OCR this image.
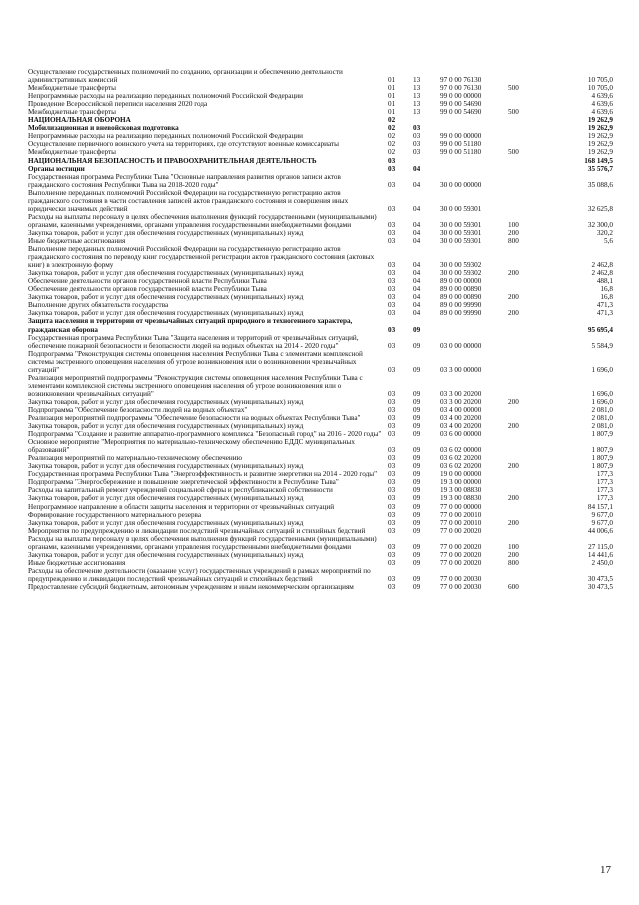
Осуществление государственных полномочий по созданию, организации и обеспечению деятельности административных комиссий	01 13	97 0 00 76130	10 705,0
Межбюджетные трансферты	01 13	97 0 00 76130	500	10 705,0
Непрограммные расходы на реализацию переданных полномочий Российской Федерации	01 13	99 0 00 00000	4 639,6
Проведение Всероссийской переписи населения 2020 года	01 13	99 0 00 54690	4 639,6
Межбюджетные трансферты	01 13	99 0 00 54690	500	4 639,6
НАЦИОНАЛЬНАЯ ОБОРОНА	02	19 262,9
Мобилизационная и вневойсковая подготовка	02 03	19 262,9
Непрограммные расходы на реализацию переданных полномочий Российской Федерации	02 03	99 0 00 00000	19 262,9
Осуществление первичного воинского учета на территориях, где отсутствуют военные комиссариаты	02 03	99 0 00 51180	19 262,9
Межбюджетные трансферты	02 03	99 0 00 51180	500	19 262,9
НАЦИОНАЛЬНАЯ БЕЗОПАСНОСТЬ И ПРАВООХРАНИТЕЛЬНАЯ ДЕЯТЕЛЬНОСТЬ	03	168 149,5
Органы юстиции	03 04	35 576,7
Государственная программа Республики Тыва "Основные направления развития органов записи актов гражданского состояния Республики Тыва на 2018-2020 годы"	03 04	30 0 00 00000	35 088,6
Выполнение переданных полномочий Российской Федерации на государственную регистрацию актов гражданского состояния в части составления записей актов гражданского состояния и совершения иных юридически значимых действий	03 04	30 0 00 59301	32 625,8
Расходы на выплаты персоналу в целях обеспечения выполнения функций государственными (муниципальными) органами, казенными учреждениями, органами управления государственными внебюджетными фондами	03 04	30 0 00 59301	100	32 300,0
Закупка товаров, работ и услуг для обеспечения государственных (муниципальных) нужд	03 04	30 0 00 59301	200	320,2
Иные бюджетные ассигнования	03 04	30 0 00 59301	800	5,6
Выполнение переданных полномочий Российской Федерации на государственную регистрацию актов гражданского состояния по переводу книг государственной регистрации актов гражданского состояния (актовых книг) в электронную форму	03 04	30 0 00 59302	2 462,8
Закупка товаров, работ и услуг для обеспечения государственных (муниципальных) нужд	03 04	30 0 00 59302	200	2 462,8
Обеспечение деятельности органов государственной власти Республики Тыва	03 04	89 0 00 00000	488,1
Обеспечение деятельности органов государственной власти Республики Тыва	03 04	89 0 00 00890	16,8
Закупка товаров, работ и услуг для обеспечения государственных (муниципальных) нужд	03 04	89 0 00 00890	200	16,8
Выполнение других обязательств государства	03 04	89 0 00 99990	471,3
Закупка товаров, работ и услуг для обеспечения государственных (муниципальных) нужд	03 04	89 0 00 99990	200	471,3
Защита населения и территории от чрезвычайных ситуаций природного и техногенного характера, гражданская оборона	03 09	95 695,4
Государственная программа Республики Тыва "Защита населения и территорий от чрезвычайных ситуаций, обеспечение пожарной безопасности и безопасности людей на водных объектах на 2014 - 2020 годы"	03 09	03 0 00 00000	5 584,9
Подпрограмма "Реконструкция системы оповещения населения Республики Тыва с элементами комплексной системы экстренного оповещения населения об угрозе возникновения или о возникновении чрезвычайных ситуаций"	03 09	03 3 00 00000	1 696,0
Реализация мероприятий подпрограммы "Реконструкция системы оповещения населения Республики Тыва с элементами комплексной системы экстренного оповещения населения об угрозе возникновения или о возникновении чрезвычайных ситуаций"	03 09	03 3 00 20200	1 696,0
Закупка товаров, работ и услуг для обеспечения государственных (муниципальных) нужд	03 09	03 3 00 20200	200	1 696,0
Подпрограмма "Обеспечение безопасности людей на водных объектах"	03 09	03 4 00 00000	2 081,0
Реализация мероприятий подпрограммы "Обеспечение безопасности на водных объектах Республики Тыва"	03 09	03 4 00 20200	2 081,0
Закупка товаров, работ и услуг для обеспечения государственных (муниципальных) нужд	03 09	03 4 00 20200	200	2 081,0
Подпрограмма "Создание и развитие аппаратно-программного комплекса "Безопасный город" на 2016 - 2020 годы" 03 09	03 6 00 00000	1 807,9
Основное мероприятие "Мероприятия по материально-техническому обеспечению ЕДДС муниципальных образований"	03 09	03 6 02 00000	1 807,9
Реализация мероприятий по материально-техническому обеспечению	03 09	03 6 02 20200	1 807,9
Закупка товаров, работ и услуг для обеспечения государственных (муниципальных) нужд	03 09	03 6 02 20200	200	1 807,9
Государственная программа Республики Тыва "Энергоэффективность и развитие энергетики на 2014 - 2020 годы"	03 09	19 0 00 00000	177,3
Подпрограмма "Энергосбережение и повышение энергетической эффективности в Республике Тыва"	03 09	19 3 00 00000	177,3
Расходы на капитальный ремонт учреждений социальной сферы и республиканской собственности	03 09	19 3 00 08830	177,3
Закупка товаров, работ и услуг для обеспечения государственных (муниципальных) нужд	03 09	19 3 00 08830	200	177,3
Непрограммное направление в области защиты населения и территории от чрезвычайных ситуаций	03 09	77 0 00 00000	84 157,1
Формирование государственного материального резерва	03 09	77 0 00 20010	9 677,0
Закупка товаров, работ и услуг для обеспечения государственных (муниципальных) нужд	03 09	77 0 00 20010	200	9 677,0
Мероприятия по предупреждению и ликвидации последствий чрезвычайных ситуаций и стихийных бедствий	03 09	77 0 00 20020	44 006,6
Расходы на выплаты персоналу в целях обеспечения выполнения функций государственными (муниципальными) органами, казенными учреждениями, органами управления государственными внебюджетными фондами	03 09	77 0 00 20020	100	27 115,0
Закупка товаров, работ и услуг для обеспечения государственных (муниципальных) нужд	03 09	77 0 00 20020	200	14 441,6
Иные бюджетные ассигнования	03 09	77 0 00 20020	800	2 450,0
Расходы на обеспечение деятельности (оказание услуг) государственных учреждений в рамках мероприятий по предупреждению и ликвидации последствий чрезвычайных ситуаций и стихийных бедствий	03 09	77 0 00 20030	30 473,5
Предоставление субсидий бюджетным, автономным учреждениям и иным некоммерческим организациям	03 09	77 0 00 20030	600	30 473,5
17
